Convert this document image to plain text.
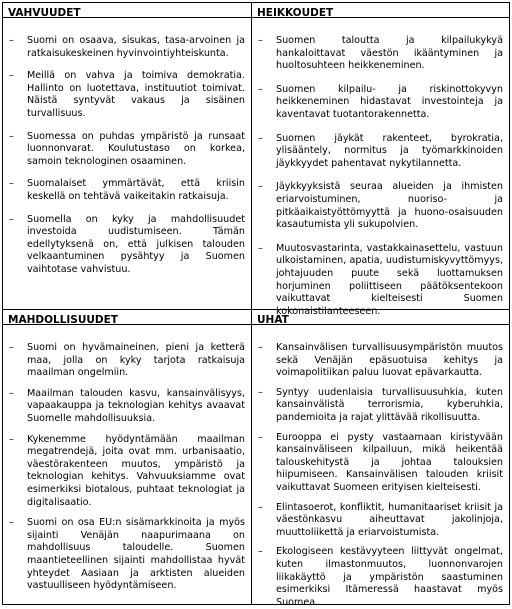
VAHVUUDET
– Suomi on osaava, sisukas, tasa-arvoinen ja ratkaisukeskeinen hyvinvointiyhteiskunta.
– Meillä on vahva ja toimiva demokratia. Hallinto on luotettava, instituutiot toimivat. Näistä syntyvät vakaus ja sisäinen turvallisuus.
– Suomessa on puhdas ympäristö ja runsaat luonnonvarat. Koulutustaso on korkea, samoin teknologinen osaaminen.
– Suomalaiset ymmärtävät, että kriisin keskellä on tehtävä vaikeitakin ratkaisuja.
– Suomella on kyky ja mahdollisuudet investoida uudistumiseen. Tämän edellytyksenä on, että julkisen talouden velkaantuminen pysähtyy ja Suomen vaihtotase vahvistuu.
HEIKKOUDET
– Suomen taloutta ja kilpailukykyä hankaloittavat väestön ikääntyminen ja huoltosuhteen heikkeneminen.
– Suomen kilpailu- ja riskinottokyvyn heikkeneminen hidastavat investointeja ja kaventavat tuotantorakennetta.
– Suomen jäykät rakenteet, byrokratia, ylisääntely, normitus ja työmarkkinoiden jäykkyydet pahentavat nykytilannetta.
– Jäykkyyksistä seuraa alueiden ja ihmisten eriarvoistuminen, nuoriso- ja pitkäaikaistyöttömyyttä ja huono-osaisuuden kasautumista yli sukupolvien.
– Muutosvastarinta, vastakkainasettelu, vastuun ulkoistaminen, apatia, uudistumiskyvyttömyys, johtajuuden puute sekä luottamuksen horjuminen poliittiseen päätöksentekoon vaikuttavat kielteisesti Suomen kokonaistilanteeseen.
MAHDOLLISUUDET
– Suomi on hyvämaineinen, pieni ja ketterä maa, jolla on kyky tarjota ratkaisuja maailman ongelmiin.
– Maailman talouden kasvu, kansainvälisyys, vapaakauppa ja teknologian kehitys avaavat Suomelle mahdollisuuksia.
– Kykenemme hyödyntämään maailman megatrendejä, joita ovat mm. urbanisaatio, väestörakenteen muutos, ympäristö ja teknologian kehitys. Vahvuuksiamme ovat esimerkiksi biotalous, puhtaat teknologiat ja digitalisaatio.
– Suomi on osa EU:n sisämarkkinoita ja myös sijainti Venäjän naapurimaana on mahdollisuus taloudelle. Suomen maantieteellinen sijainti mahdollistaa hyvät yhteydet Aasiaan ja arktisten alueiden vastuulliseen hyödyntämiseen.
UHAT
– Kansainvälisen turvallisuusympäristön muutos sekä Venäjän epäsuotuisa kehitys ja voimapolitiikan paluu luovat epävarkautta.
– Syntyy uudenlaisia turvallisuusuhkia, kuten kansainvälistä terrorismia, kyberuhkia, pandemioita ja rajat ylittävää rikollisuutta.
– Eurooppa ei pysty vastaamaan kiristyvään kansainväliseen kilpailuun, mikä heikentää talouskehitystä ja johtaa talouksien hiipumiseen. Kansainvälisen talouden kriisit vaikuttavat Suomeen erityisen kielteisesti.
– Elintasoerot, konfliktit, humanitaariset kriisit ja väestönkasvu aiheuttavat jakolinjoja, muuttoliikettä ja eriarvoistumista.
– Ekologiseen kestävyyteen liittyvät ongelmat, kuten ilmastonmuutos, luonnonvarojen liikakäyttö ja ympäristön saastuminen esimerkiksi Itämeressä haastavat myös Suomea.
